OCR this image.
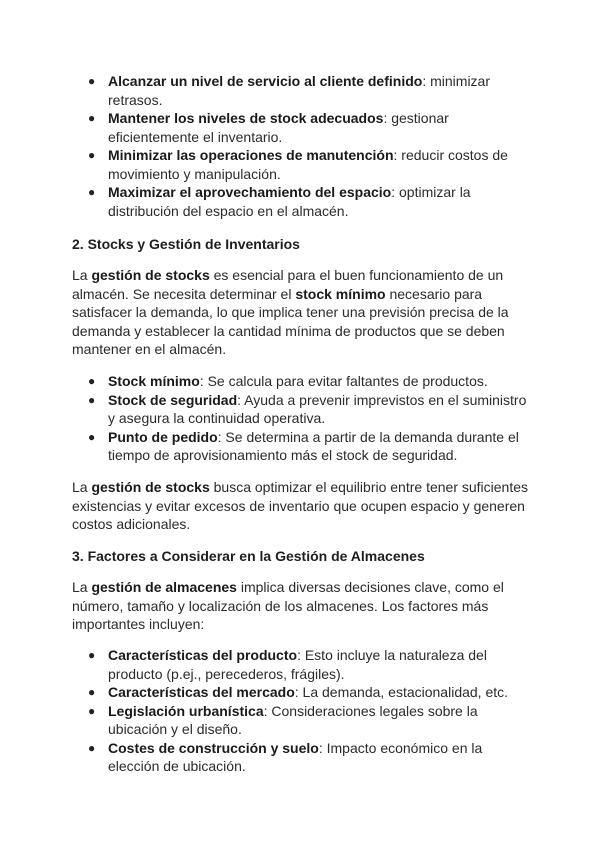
● Alcanzar un nivel de servicio al cliente definido: minimizar retrasos.
● Mantener los niveles de stock adecuados: gestionar eficientemente el inventario.
● Minimizar las operaciones de manutención: reducir costos de movimiento y manipulación.
● Maximizar el aprovechamiento del espacio: optimizar la distribución del espacio en el almacén.
2. Stocks y Gestión de Inventarios

La gestión de stocks es esencial para el buen funcionamiento de un almacén. Se necesita determinar el stock mínimo necesario para satisfacer la demanda, lo que implica tener una previsión precisa de la demanda y establecer la cantidad mínima de productos que se deben mantener en el almacén.

● Stock mínimo: Se calcula para evitar faltantes de productos.
● Stock de seguridad: Ayuda a prevenir imprevistos en el suministro y asegura la continuidad operativa.
● Punto de pedido: Se determina a partir de la demanda durante el tiempo de aprovisionamiento más el stock de seguridad.

La gestión de stocks busca optimizar el equilibrio entre tener suficientes existencias y evitar excesos de inventario que ocupen espacio y generen costos adicionales.

3. Factores a Considerar en la Gestión de Almacenes

La gestión de almacenes implica diversas decisiones clave, como el número, tamaño y localización de los almacenes. Los factores más importantes incluyen:

● Características del producto: Esto incluye la naturaleza del producto (p.ej., perecederos, frágiles).
● Características del mercado: La demanda, estacionalidad, etc.
● Legislación urbanística: Consideraciones legales sobre la ubicación y el diseño.
● Costes de construcción y suelo: Impacto económico en la elección de ubicación.
